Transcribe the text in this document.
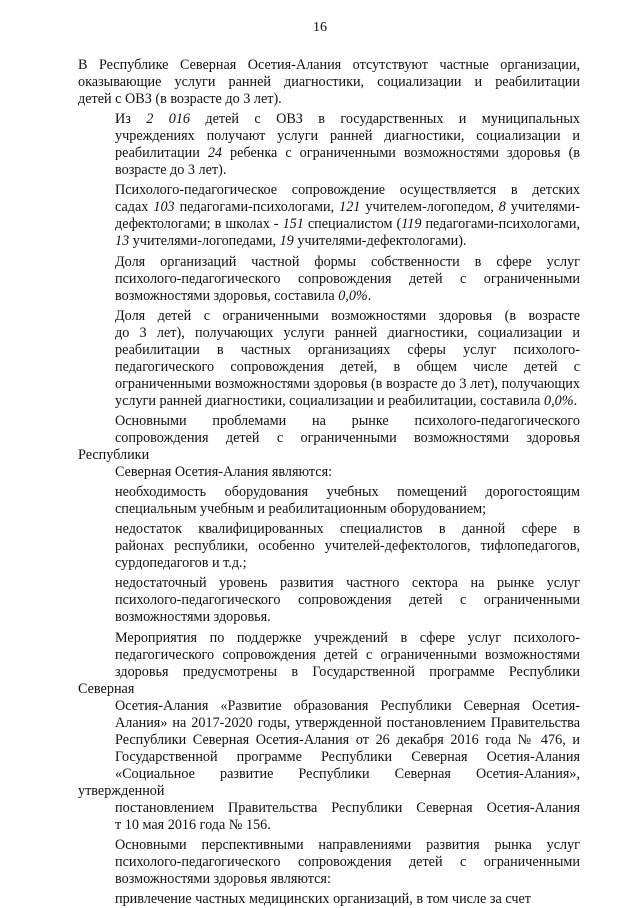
16

В Республике Северная Осетия-Алания отсутствуют частные организации,
оказывающие услуги ранней диагностики, социализации и реабилитации
детей с ОВЗ (в возрасте до 3 лет).

Из 2 016 детей с ОВЗ в государственных и муниципальных
учреждениях получают услуги ранней диагностики, социализации и
реабилитации 24 ребенка с ограниченными возможностями здоровья (в
возрасте до 3 лет).

Психолого-педагогическое сопровождение осуществляется в детских
садах 103 педагогами-психологами, 121 учителем-логопедом, 8 учителями-
дефектологами; в школах - 151 специалистом (119 педагогами-психологами,
13 учителями-логопедами, 19 учителями-дефектологами).

Доля организаций частной формы собственности в сфере услуг
психолого-педагогического сопровождения детей с ограниченными
возможностями здоровья, составила 0,0%.

Доля детей с ограниченными возможностями здоровья (в возрасте
до 3 лет), получающих услуги ранней диагностики, социализации и
реабилитации в частных организациях сферы услуг психолого-
педагогического сопровождения детей, в общем числе детей с
ограниченными возможностями здоровья (в возрасте до 3 лет), получающих
услуги ранней диагностики, социализации и реабилитации, составила 0,0%.

Основными проблемами на рынке психолого-педагогического
сопровождения детей с ограниченными возможностями здоровья Республики
Северная Осетия-Алания являются:

необходимость оборудования учебных помещений дорогостоящим
специальным учебным и реабилитационным оборудованием;

недостаток квалифицированных специалистов в данной сфере в
районах республики, особенно учителей-дефектологов, тифлопедагогов,
сурдопедагогов и т.д.;

недостаточный уровень развития частного сектора на рынке услуг
психолого-педагогического сопровождения детей с ограниченными
возможностями здоровья.

Мероприятия по поддержке учреждений в сфере услуг психолого-
педагогического сопровождения детей с ограниченными возможностями
здоровья предусмотрены в Государственной программе Республики Северная
Осетия-Алания «Развитие образования Республики Северная Осетия-
Алания» на 2017-2020 годы, утвержденной постановлением Правительства
Республики Северная Осетия-Алания от 26 декабря 2016 года № 476, и
Государственной программе Республики Северная Осетия-Алания
«Социальное развитие Республики Северная Осетия-Алания», утвержденной
постановлением Правительства Республики Северная Осетия-Алания
т 10 мая 2016 года № 156.

Основными перспективными направлениями развития рынка услуг
психолого-педагогического сопровождения детей с ограниченными
возможностями здоровья являются:

привлечение частных медицинских организаций, в том числе за счет
